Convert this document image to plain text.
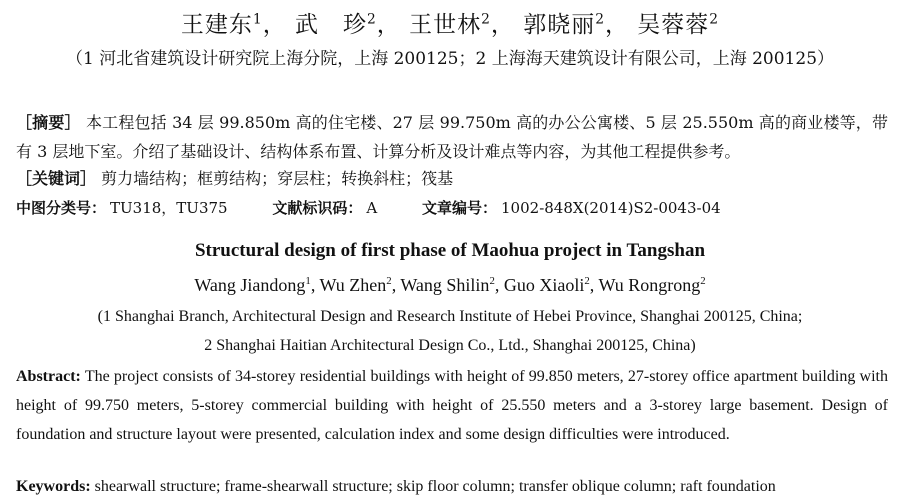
王建东$^1$， 武　珍$^2$， 王世林$^2$， 郭晓丽$^2$， 吴蓉蓉$^2$
（1 河北省建筑设计研究院上海分院，上海 200125；2 上海海天建筑设计有限公司，上海 200125）
［摘要］ 本工程包括 34 层 99.850m 高的住宅楼、27 层 99.750m 高的办公公寓楼、5 层 25.550m 高的商业楼等，带有 3 层地下室。介绍了基础设计、结构体系布置、计算分析及设计难点等内容，为其他工程提供参考。
［关键词］ 剪力墙结构；框剪结构；穿层柱；转换斜柱；筏基
中图分类号： TU318，TU375	文献标识码： A	文章编号： 1002-848X(2014)S2-0043-04
Structural design of first phase of Maohua project in Tangshan
Wang Jiandong$^1$, Wu Zhen$^2$, Wang Shilin$^2$, Guo Xiaoli$^2$, Wu Rongrong$^2$
(1 Shanghai Branch, Architectural Design and Research Institute of Hebei Province, Shanghai 200125, China;
2 Shanghai Haitian Architectural Design Co., Ltd., Shanghai 200125, China)
Abstract: The project consists of 34-storey residential buildings with height of 99.850 meters, 27-storey office apartment building with height of 99.750 meters, 5-storey commercial building with height of 25.550 meters and a 3-storey large basement. Design of foundation and structure layout were presented, calculation index and some design difficulties were introduced.
Keywords: shearwall structure; frame-shearwall structure; skip floor column; transfer oblique column; raft foundation
